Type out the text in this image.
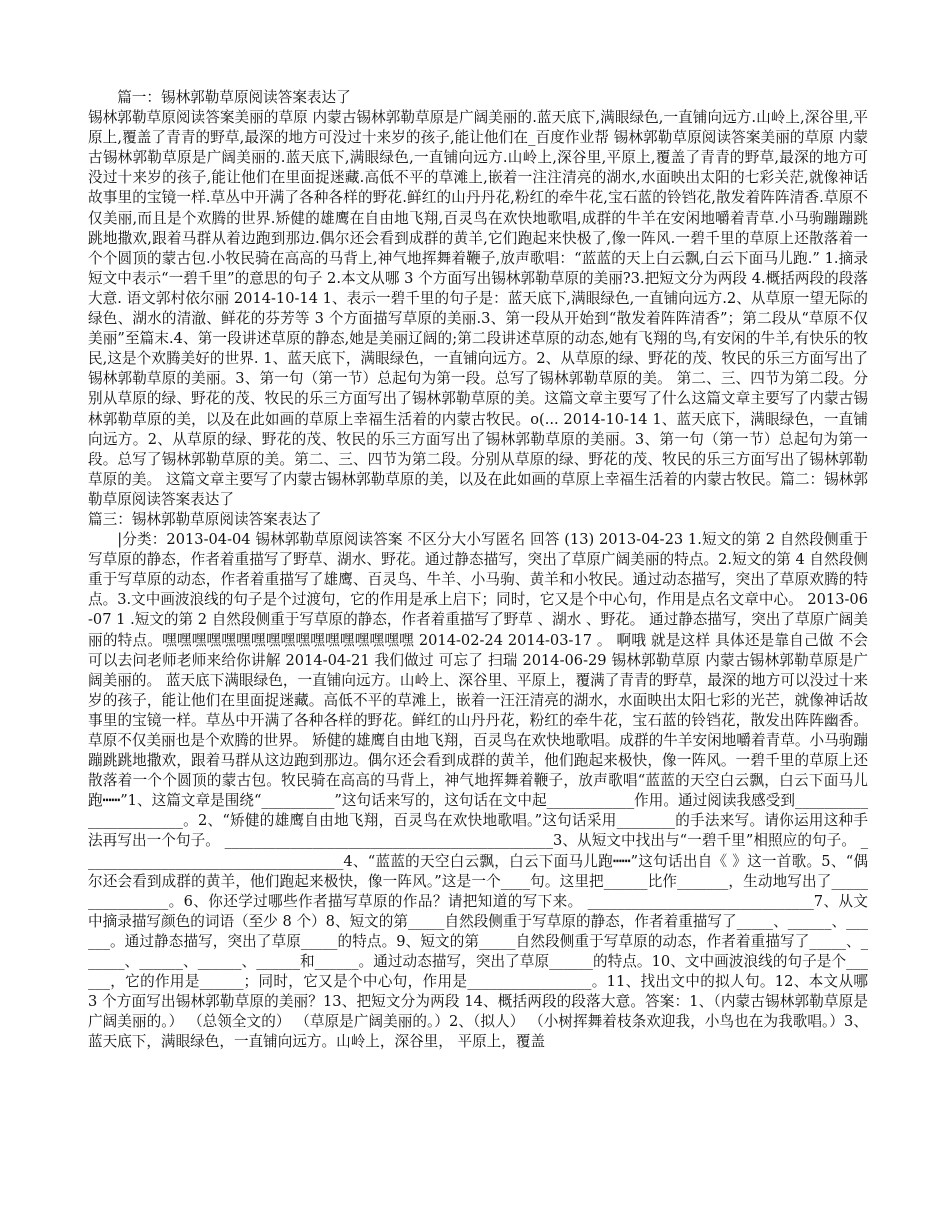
篇一：锡林郭勒草原阅读答案表达了

锡林郭勒草原阅读答案美丽的草原 内蒙古锡林郭勒草原是广阔美丽的.蓝天底下,满眼绿色,一直铺向远方.山岭上,深谷里,平原上,覆盖了青青的野草,最深的地方可没过十来岁的孩子,能让他们在_百度作业帮 锡林郭勒草原阅读答案美丽的草原 内蒙古锡林郭勒草原是广阔美丽的.蓝天底下,满眼绿色,一直铺向远方.山岭上,深谷里,平原上,覆盖了青青的野草,最深的地方可没过十来岁的孩子,能让他们在里面捉迷藏.高低不平的草滩上,嵌着一注注清亮的湖水,水面映出太阳的七彩关茫,就像神话故事里的宝镜一样.草丛中开满了各种各样的野花.鲜红的山丹丹花,粉红的牵牛花,宝石蓝的铃铛花,散发着阵阵清香.草原不仅美丽,而且是个欢腾的世界.矫健的雄鹰在自由地飞翔,百灵鸟在欢快地歌唱,成群的牛羊在安闲地嚼着青草.小马驹蹦蹦跳跳地撒欢,跟着马群从着边跑到那边.偶尔还会看到成群的黄羊,它们跑起来快极了,像一阵风.一碧千里的草原上还散落着一个个圆顶的蒙古包.小牧民骑在高高的马背上,神气地挥舞着鞭子,放声歌唱：“蓝蓝的天上白云飘,白云下面马儿跑.” 1.摘录短文中表示“一碧千里”的意思的句子 2.本文从哪 3 个方面写出锡林郭勒草原的美丽?3.把短文分为两段 4.概括两段的段落大意. 语文郭村依尔丽 2014-10-14 1、表示一碧千里的句子是：蓝天底下,满眼绿色,一直铺向远方.2、从草原一望无际的绿色、湖水的清澈、鲜花的芬芳等 3 个方面描写草原的美丽.3、第一段从开始到“散发着阵阵清香”；第二段从“草原不仅美丽”至篇末.4、第一段讲述草原的静态,她是美丽辽阔的;第二段讲述草原的动态,她有飞翔的鸟,有安闲的牛羊,有快乐的牧民,这是个欢腾美好的世界. 1、蓝天底下，满眼绿色，一直铺向远方。2、从草原的绿、野花的茂、牧民的乐三方面写出了锡林郭勒草原的美丽。3、第一句（第一节）总起句为第一段。总写了锡林郭勒草原的美。 第二、三、四节为第二段。分别从草原的绿、野花的茂、牧民的乐三方面写出了锡林郭勒草原的美。这篇文章主要写了什么这篇文章主要写了内蒙古锡林郭勒草原的美，以及在此如画的草原上幸福生活着的内蒙古牧民。o(... 2014-10-14 1、蓝天底下，满眼绿色，一直铺向远方。2、从草原的绿、野花的茂、牧民的乐三方面写出了锡林郭勒草原的美丽。3、第一句（第一节）总起句为第一段。总写了锡林郭勒草原的美。第二、三、四节为第二段。分别从草原的绿、野花的茂、牧民的乐三方面写出了锡林郭勒草原的美。 这篇文章主要写了内蒙古锡林郭勒草原的美，以及在此如画的草原上幸福生活着的内蒙古牧民。篇二：锡林郭勒草原阅读答案表达了

篇三：锡林郭勒草原阅读答案表达了

|分类：2013-04-04 锡林郭勒草原阅读答案 不区分大小写匿名 回答 (13) 2013-04-23 1.短文的第 2 自然段侧重于写草原的静态，作者着重描写了野草、湖水、野花。通过静态描写，突出了草原广阔美丽的特点。2.短文的第 4 自然段侧重于写草原的动态，作者着重描写了雄鹰、百灵鸟、牛羊、小马驹、黄羊和小牧民。通过动态描写，突出了草原欢腾的特点。3.文中画波浪线的句子是个过渡句，它的作用是承上启下；同时，它又是个中心句，作用是点名文章中心。 2013-06-07 1 .短文的第 2 自然段侧重于写草原的静态，作者着重描写了野草 、湖水 、野花。 通过静态描写，突出了草原广阔美丽的特点。嘿嘿嘿嘿嘿嘿嘿嘿嘿嘿嘿嘿嘿嘿嘿嘿嘿 2014-02-24 2014-03-17 。 啊哦 就是这样 具体还是靠自己做 不会可以去问老师老师来给你讲解 2014-04-21 我们做过 可忘了 扫瑞 2014-06-29 锡林郭勒草原 内蒙古锡林郭勒草原是广阔美丽的。 蓝天底下满眼绿色，一直铺向远方。山岭上、深谷里、平原上，覆满了青青的野草，最深的地方可以没过十来岁的孩子，能让他们在里面捉迷藏。高低不平的草滩上，嵌着一汪汪清亮的湖水，水面映出太阳七彩的光芒，就像神话故事里的宝镜一样。草丛中开满了各种各样的野花。鲜红的山丹丹花，粉红的牵牛花，宝石蓝的铃铛花，散发出阵阵幽香。 草原不仅美丽也是个欢腾的世界。 矫健的雄鹰自由地飞翔，百灵鸟在欢快地歌唱。成群的牛羊安闲地嚼着青草。小马驹蹦蹦跳跳地撒欢，跟着马群从这边跑到那边。偶尔还会看到成群的黄羊，他们跑起来极快，像一阵风。一碧千里的草原上还散落着一个个圆顶的蒙古包。牧民骑在高高的马背上，神气地挥舞着鞭子，放声歌唱“蓝蓝的天空白云飘，白云下面马儿跑┅┅”1、这篇文章是围绕“__________”这句话来写的，这句话在文中起____________作用。通过阅读我感受到_______________________。2、“矫健的雄鹰自由地飞翔，百灵鸟在欢快地歌唱。”这句话采用________的手法来写。请你运用这种手法再写出一个句子。 _____________________________________________3、从短文中找出与“一碧千里”相照应的句子。 ____________________________________4、“蓝蓝的天空白云飘，白云下面马儿跑┅┅”这句话出自《 》这一首歌。5、“偶尔还会看到成群的黄羊，他们跑起来极快，像一阵风。”这是一个____句。这里把______比作_______，生动地写出了________________。6、你还学过哪些作者描写草原的作品？请把知道的写下来。 _______________________________7、从文中摘录描写颜色的词语（至少 8 个）8、短文的第_____自然段侧重于写草原的静态，作者着重描写了_____、______、______。通过静态描写，突出了草原_____的特点。9、短文的第_____自然段侧重于写草原的动态，作者着重描写了_____、______、______、______、______和______。通过动态描写，突出了草原______的特点。10、文中画波浪线的句子是个______，它的作用是______；同时，它又是个中心句，作用是_________________。11、找出文中的拟人句。12、本文从哪 3 个方面写出锡林郭勒草原的美丽？13、把短文分为两段 14、概括两段的段落大意。答案：1、（内蒙古锡林郭勒草原是广阔美丽的。） （总领全文的） （草原是广阔美丽的。）2、（拟人） （小树挥舞着枝条欢迎我，小鸟也在为我歌唱。）3、蓝天底下，满眼绿色，一直铺向远方。山岭上，深谷里， 平原上，覆盖
